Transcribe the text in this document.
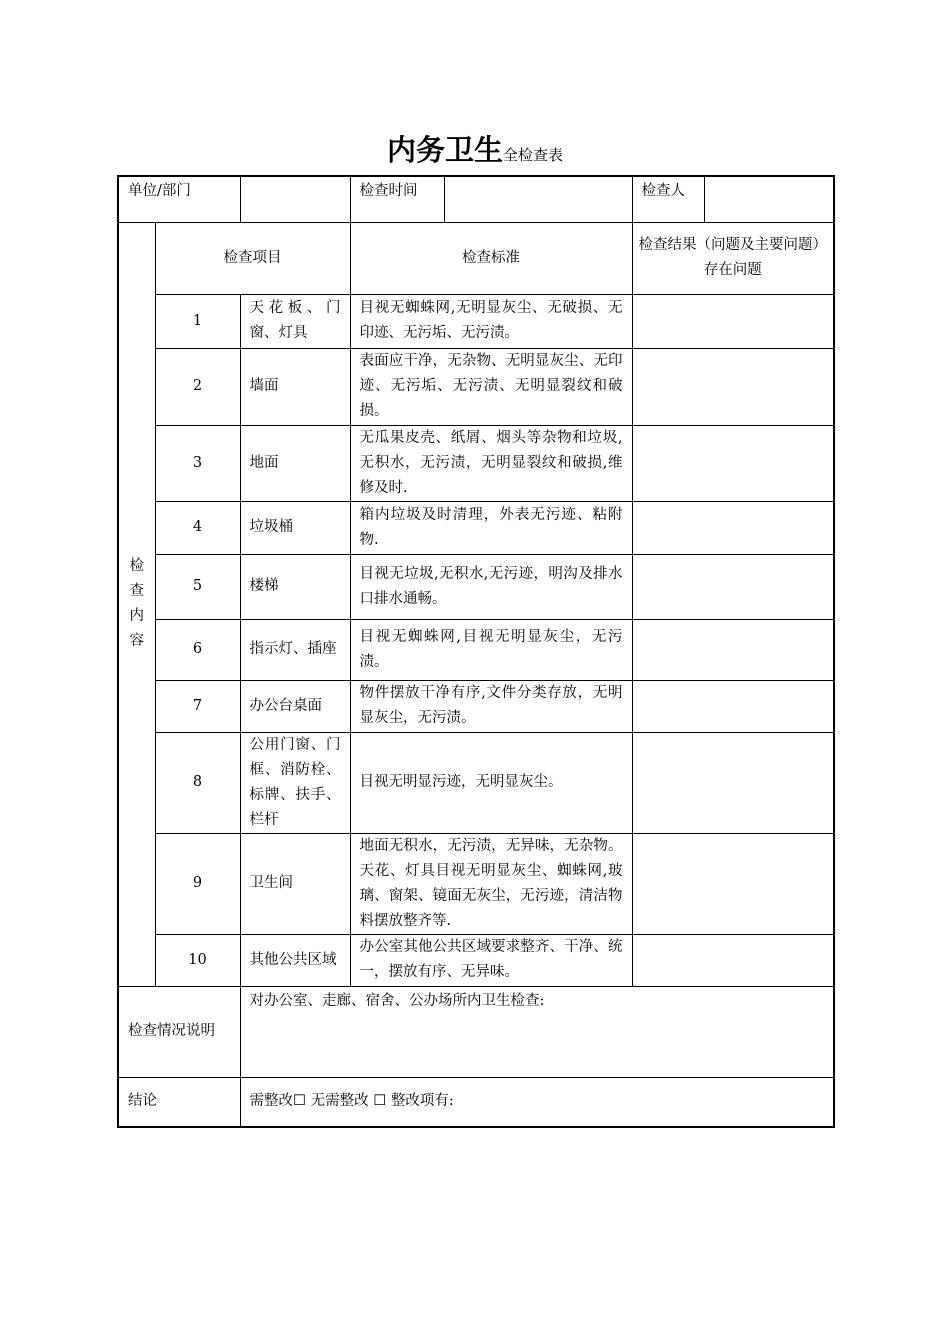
内务卫生全检查表
单位/部门			检查时间		检查人	

检
查
内
容	检查项目		检查标准		检查结果（问题及主要问题）存在问题	
	1	天花板、门窗、灯具	目视无蜘蛛网,无明显灰尘、无破损、无印迹、无污垢、无污渍。			
	2	墙面	表面应干净，无杂物、无明显灰尘、无印迹、无污垢、无污渍、无明显裂纹和破损。			
	3	地面	无瓜果皮壳、纸屑、烟头等杂物和垃圾,无积水，无污渍，无明显裂纹和破损,维修及时.			
	4	垃圾桶	箱内垃圾及时清理，外表无污迹、粘附物.			
	5	楼梯	目视无垃圾,无积水,无污迹，明沟及排水口排水通畅。			
	6	指示灯、插座	目视无蜘蛛网,目视无明显灰尘，无污渍。			
	7	办公台桌面	物件摆放干净有序,文件分类存放，无明显灰尘，无污渍。			
	8	公用门窗、门框、消防栓、标牌、扶手、栏杆	目视无明显污迹，无明显灰尘。			
	9	卫生间	地面无积水，无污渍，无异味，无杂物。天花、灯具目视无明显灰尘、蜘蛛网,玻璃、窗架、镜面无灰尘，无污迹，清洁物料摆放整齐等.			
	10	其他公共区域	办公室其他公共区域要求整齐、干净、统一，摆放有序、无异味。			
检查情况说明		对办公室、走廊、宿舍、公办场所内卫生检查:				
结论		需整改☐ 无需整改 ☐ 整改项有:				
